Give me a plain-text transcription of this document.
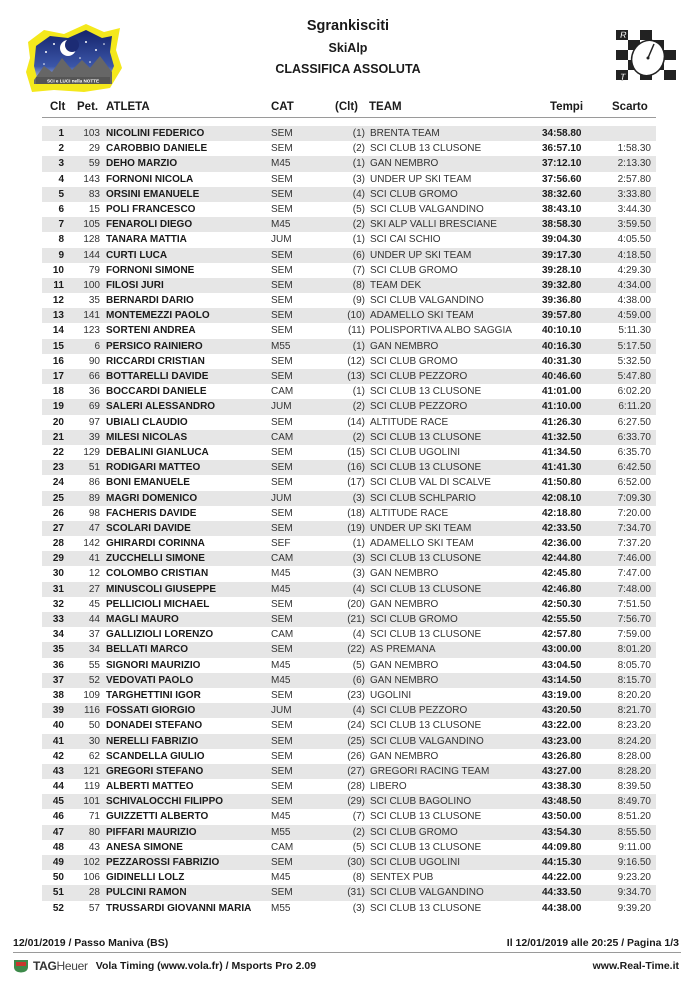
SCI e LUCI nella NOTTE
Sgrankisciti
SkiAlp
CLASSIFICA ASSOLUTA
R
T
Clt Pet. ATLETA	CAT	(Clt) TEAM	Tempi	Scarto
1	103 NICOLINI FEDERICO	SEM	(1) BRENTA TEAM	34:58.80
2	29 CAROBBIO DANIELE	SEM	(2) SCI CLUB 13 CLUSONE	36:57.10	1:58.30
3	59 DEHO MARZIO	M45	(1) GAN NEMBRO	37:12.10	2:13.30
4	143 FORNONI NICOLA	SEM	(3) UNDER UP SKI TEAM	37:56.60	2:57.80
5	83 ORSINI EMANUELE	SEM	(4) SCI CLUB GROMO	38:32.60	3:33.80
6	15 POLI FRANCESCO	SEM	(5) SCI CLUB VALGANDINO	38:43.10	3:44.30
7	105 FENAROLI DIEGO	M45	(2) SKI ALP VALLI BRESCIANE	38:58.30	3:59.50
8	128 TANARA MATTIA	JUM	(1) SCI CAI SCHIO	39:04.30	4:05.50
9	144 CURTI LUCA	SEM	(6) UNDER UP SKI TEAM	39:17.30	4:18.50
10	79 FORNONI SIMONE	SEM	(7) SCI CLUB GROMO	39:28.10	4:29.30
11	100 FILOSI JURI	SEM	(8) TEAM DEK	39:32.80	4:34.00
12	35 BERNARDI DARIO	SEM	(9) SCI CLUB VALGANDINO	39:36.80	4:38.00
13	141 MONTEMEZZI PAOLO	SEM	(10) ADAMELLO SKI TEAM	39:57.80	4:59.00
14	123 SORTENI ANDREA	SEM	(11) POLISPORTIVA ALBO SAGGIA	40:10.10	5:11.30
15	6 PERSICO RAINIERO	M55	(1) GAN NEMBRO	40:16.30	5:17.50
16	90 RICCARDI CRISTIAN	SEM	(12) SCI CLUB GROMO	40:31.30	5:32.50
17	66 BOTTARELLI DAVIDE	SEM	(13) SCI CLUB PEZZORO	40:46.60	5:47.80
18	36 BOCCARDI DANIELE	CAM	(1) SCI CLUB 13 CLUSONE	41:01.00	6:02.20
19	69 SALERI ALESSANDRO	JUM	(2) SCI CLUB PEZZORO	41:10.00	6:11.20
20	97 UBIALI CLAUDIO	SEM	(14) ALTITUDE RACE	41:26.30	6:27.50
21	39 MILESI NICOLAS	CAM	(2) SCI CLUB 13 CLUSONE	41:32.50	6:33.70
22	129 DEBALINI GIANLUCA	SEM	(15) SCI CLUB UGOLINI	41:34.50	6:35.70
23	51 RODIGARI MATTEO	SEM	(16) SCI CLUB 13 CLUSONE	41:41.30	6:42.50
24	86 BONI EMANUELE	SEM	(17) SCI CLUB VAL DI SCALVE	41:50.80	6:52.00
25	89 MAGRI DOMENICO	JUM	(3) SCI CLUB SCHLPARIO	42:08.10	7:09.30
26	98 FACHERIS DAVIDE	SEM	(18) ALTITUDE RACE	42:18.80	7:20.00
27	47 SCOLARI DAVIDE	SEM	(19) UNDER UP SKI TEAM	42:33.50	7:34.70
28	142 GHIRARDI CORINNA	SEF	(1) ADAMELLO SKI TEAM	42:36.00	7:37.20
29	41 ZUCCHELLI SIMONE	CAM	(3) SCI CLUB 13 CLUSONE	42:44.80	7:46.00
30	12 COLOMBO CRISTIAN	M45	(3) GAN NEMBRO	42:45.80	7:47.00
31	27 MINUSCOLI GIUSEPPE	M45	(4) SCI CLUB 13 CLUSONE	42:46.80	7:48.00
32	45 PELLICIOLI MICHAEL	SEM	(20) GAN NEMBRO	42:50.30	7:51.50
33	44 MAGLI MAURO	SEM	(21) SCI CLUB GROMO	42:55.50	7:56.70
34	37 GALLIZIOLI LORENZO	CAM	(4) SCI CLUB 13 CLUSONE	42:57.80	7:59.00
35	34 BELLATI MARCO	SEM	(22) AS PREMANA	43:00.00	8:01.20
36	55 SIGNORI MAURIZIO	M45	(5) GAN NEMBRO	43:04.50	8:05.70
37	52 VEDOVATI PAOLO	M45	(6) GAN NEMBRO	43:14.50	8:15.70
38	109 TARGHETTINI IGOR	SEM	(23) UGOLINI	43:19.00	8:20.20
39	116 FOSSATI GIORGIO	JUM	(4) SCI CLUB PEZZORO	43:20.50	8:21.70
40	50 DONADEI STEFANO	SEM	(24) SCI CLUB 13 CLUSONE	43:22.00	8:23.20
41	30 NERELLI FABRIZIO	SEM	(25) SCI CLUB VALGANDINO	43:23.00	8:24.20
42	62 SCANDELLA GIULIO	SEM	(26) GAN NEMBRO	43:26.80	8:28.00
43	121 GREGORI STEFANO	SEM	(27) GREGORI RACING TEAM	43:27.00	8:28.20
44	119 ALBERTI MATTEO	SEM	(28) LIBERO	43:38.30	8:39.50
45	101 SCHIVALOCCHI FILIPPO	SEM	(29) SCI CLUB BAGOLINO	43:48.50	8:49.70
46	71 GUIZZETTI ALBERTO	M45	(7) SCI CLUB 13 CLUSONE	43:50.00	8:51.20
47	80 PIFFARI MAURIZIO	M55	(2) SCI CLUB GROMO	43:54.30	8:55.50
48	43 ANESA SIMONE	CAM	(5) SCI CLUB 13 CLUSONE	44:09.80	9:11.00
49	102 PEZZAROSSI FABRIZIO	SEM	(30) SCI CLUB UGOLINI	44:15.30	9:16.50
50	106 GIDINELLI LOLZ	M45	(8) SENTEX PUB	44:22.00	9:23.20
51	28 PULCINI RAMON	SEM	(31) SCI CLUB VALGANDINO	44:33.50	9:34.70
52	57 TRUSSARDI GIOVANNI MARIA M55	(3) SCI CLUB 13 CLUSONE	44:38.00	9:39.20
12/01/2019 / Passo Maniva (BS)	Il 12/01/2019 alle 20:25 / Pagina 1/3
TAGHeuer Vola Timing (www.vola.fr) / Msports Pro 2.09	www.Real-Time.it
